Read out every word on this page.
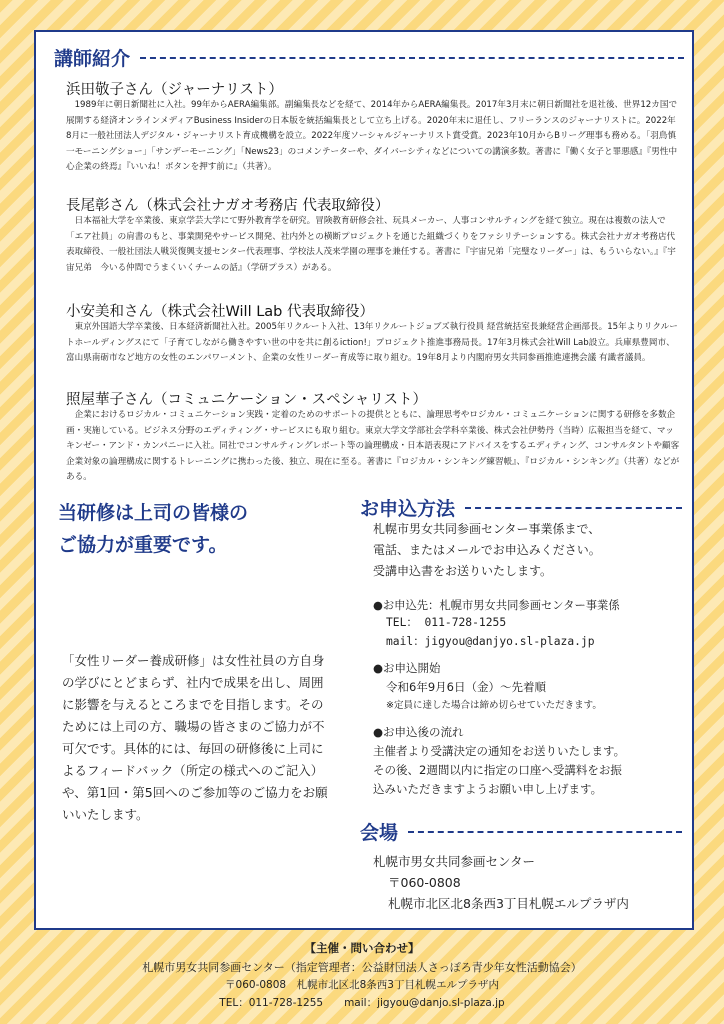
講師紹介
浜田敬子さん（ジャーナリスト）
1989年に朝日新聞社に入社。99年からAERA編集部。副編集長などを経て、2014年からAERA編集長。2017年3月末に朝日新聞社を退社後、世界12カ国で展開する経済オンラインメディアBusiness Insiderの日本版を統括編集長として立ち上げる。2020年末に退任し、フリーランスのジャーナリストに。2022年8月に一般社団法人デジタル・ジャーナリスト育成機構を設立。2022年度ソーシャルジャーナリスト賞受賞。2023年10月からBリーグ理事も務める。「羽鳥慎一モーニングショー」「サンデーモーニング」「News23」のコメンテーターや、ダイバーシティなどについての講演多数。著書に『働く女子と罪悪感』『男性中心企業の終焉』『いいね！ボタンを押す前に』（共著）。
長尾彰さん（株式会社ナガオ考務店 代表取締役）
日本福祉大学を卒業後、東京学芸大学にて野外教育学を研究。冒険教育研修会社、玩具メーカー、人事コンサルティングを経て独立。現在は複数の法人で「エア社員」の肩書のもと、事業開発やサービス開発、社内外との横断プロジェクトを通じた組織づくりをファシリテーションする。株式会社ナガオ考務店代表取締役、一般社団法人戦災復興支援センター代表理事、学校法人茂来学園の理事を兼任する。著書に『宇宙兄弟「完璧なリーダー」は、もういらない。』『宇宙兄弟　今いる仲間でうまくいくチームの話』（学研プラス）がある。
小安美和さん（株式会社Will Lab 代表取締役）
東京外国語大学卒業後、日本経済新聞社入社。2005年リクルート入社、13年リクルートジョブズ執行役員 経営統括室長兼経営企画部長。15年よりリクルートホールディングスにて「子育てしながら働きやすい世の中を共に創るiction!」プロジェクト推進事務局長。17年3月株式会社Will Lab設立。兵庫県豊岡市、富山県南砺市など地方の女性のエンパワーメント、企業の女性リーダー育成等に取り組む。19年8月より内閣府男女共同参画推進連携会議 有識者議員。
照屋華子さん（コミュニケーション・スペシャリスト）
企業におけるロジカル・コミュニケーション実践・定着のためのサポートの提供とともに、論理思考やロジカル・コミュニケーションに関する研修を多数企画・実施している。ビジネス分野のエディティング・サービスにも取り組む。東京大学文学部社会学科卒業後、株式会社伊勢丹（当時）広報担当を経て、マッキンゼー・アンド・カンパニーに入社。同社でコンサルティングレポート等の論理構成・日本語表現にアドバイスをするエディティング、コンサルタントや顧客企業対象の論理構成に関するトレーニングに携わった後、独立、現在に至る。著書に『ロジカル・シンキング練習帳』、『ロジカル・シンキング』（共著）などがある。
お申込方法
会場
当研修は上司の皆様の
ご協力が重要です。
「女性リーダー養成研修」は女性社員の方自身の学びにとどまらず、社内で成果を出し、周囲に影響を与えるところまでを目指します。そのためには上司の方、職場の皆さまのご協力が不可欠です。具体的には、毎回の研修後に上司によるフィードバック（所定の様式へのご記入）や、第1回・第5回へのご参加等のご協力をお願いいたします。
札幌市男女共同参画センター事業係まで、
電話、またはメールでお申込みください。
受講申込書をお送りいたします。
●お申込先：札幌市男女共同参画センター事業係
TEL： 011-728-1255
mail：jigyou@danjyo.sl-plaza.jp
●お申込開始
令和6年9月6日（金）～先着順
※定員に達した場合は締め切らせていただきます。
●お申込後の流れ
主催者より受講決定の通知をお送りいたします。
その後、2週間以内に指定の口座へ受講料をお振
込みいただきますようお願い申し上げます。
札幌市男女共同参画センター
〒060-0808
札幌市北区北8条西3丁目札幌エルプラザ内
【主催・問い合わせ】
札幌市男女共同参画センター（指定管理者：公益財団法人さっぽろ青少年女性活動協会）
〒060-0808　札幌市北区北8条西3丁目札幌エルプラザ内
TEL：011-728-1255　　mail：jigyou@danjo.sl-plaza.jp
